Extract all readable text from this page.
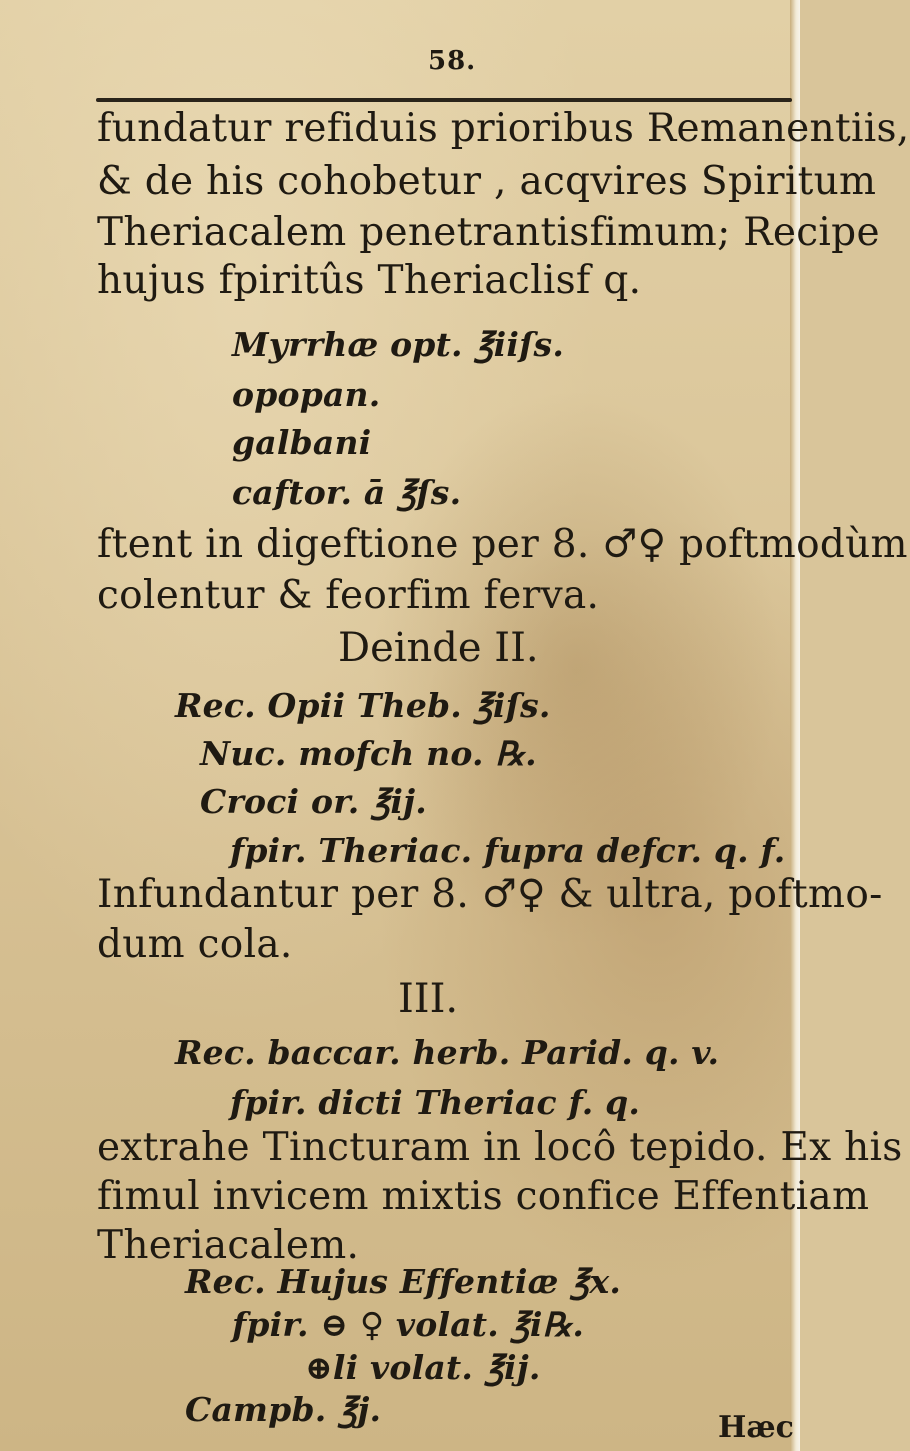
58.
fundatur refiduis prioribus Remanentiis,
& de his cohobetur , acqvires Spiritum
Theriacalem penetrantisfimum; Recipe
hujus fpiritûs Theriaclisf q.
Myrrhæ opt. ℥iiſs.
opopan.
galbani
caftor. ā ℥ſs.
ftent in digeftione per 8. ♂♀ poftmodùm
colentur & feorfim ferva.
Deinde II.
Rec. Opii Theb. ℥iſs.
Nuc. mofch no. ℞.
Croci or. ℥ij.
fpir. Theriac. fupra defcr. q. f.
Infundantur per 8. ♂♀ & ultra, poftmo-
dum cola.
III.
Rec. baccar. herb. Parid. q. v.
fpir. dicti Theriac f. q.
extrahe Tincturam in locô tepido. Ex his
fimul invicem mixtis confice Effentiam
Theriacalem.
Rec. Hujus Effentiæ ℥x.
fpir. ⊖ ♀ volat. ℥i℞.
⊕li volat. ℥ij.
Campb. ℥j.	Hæc
